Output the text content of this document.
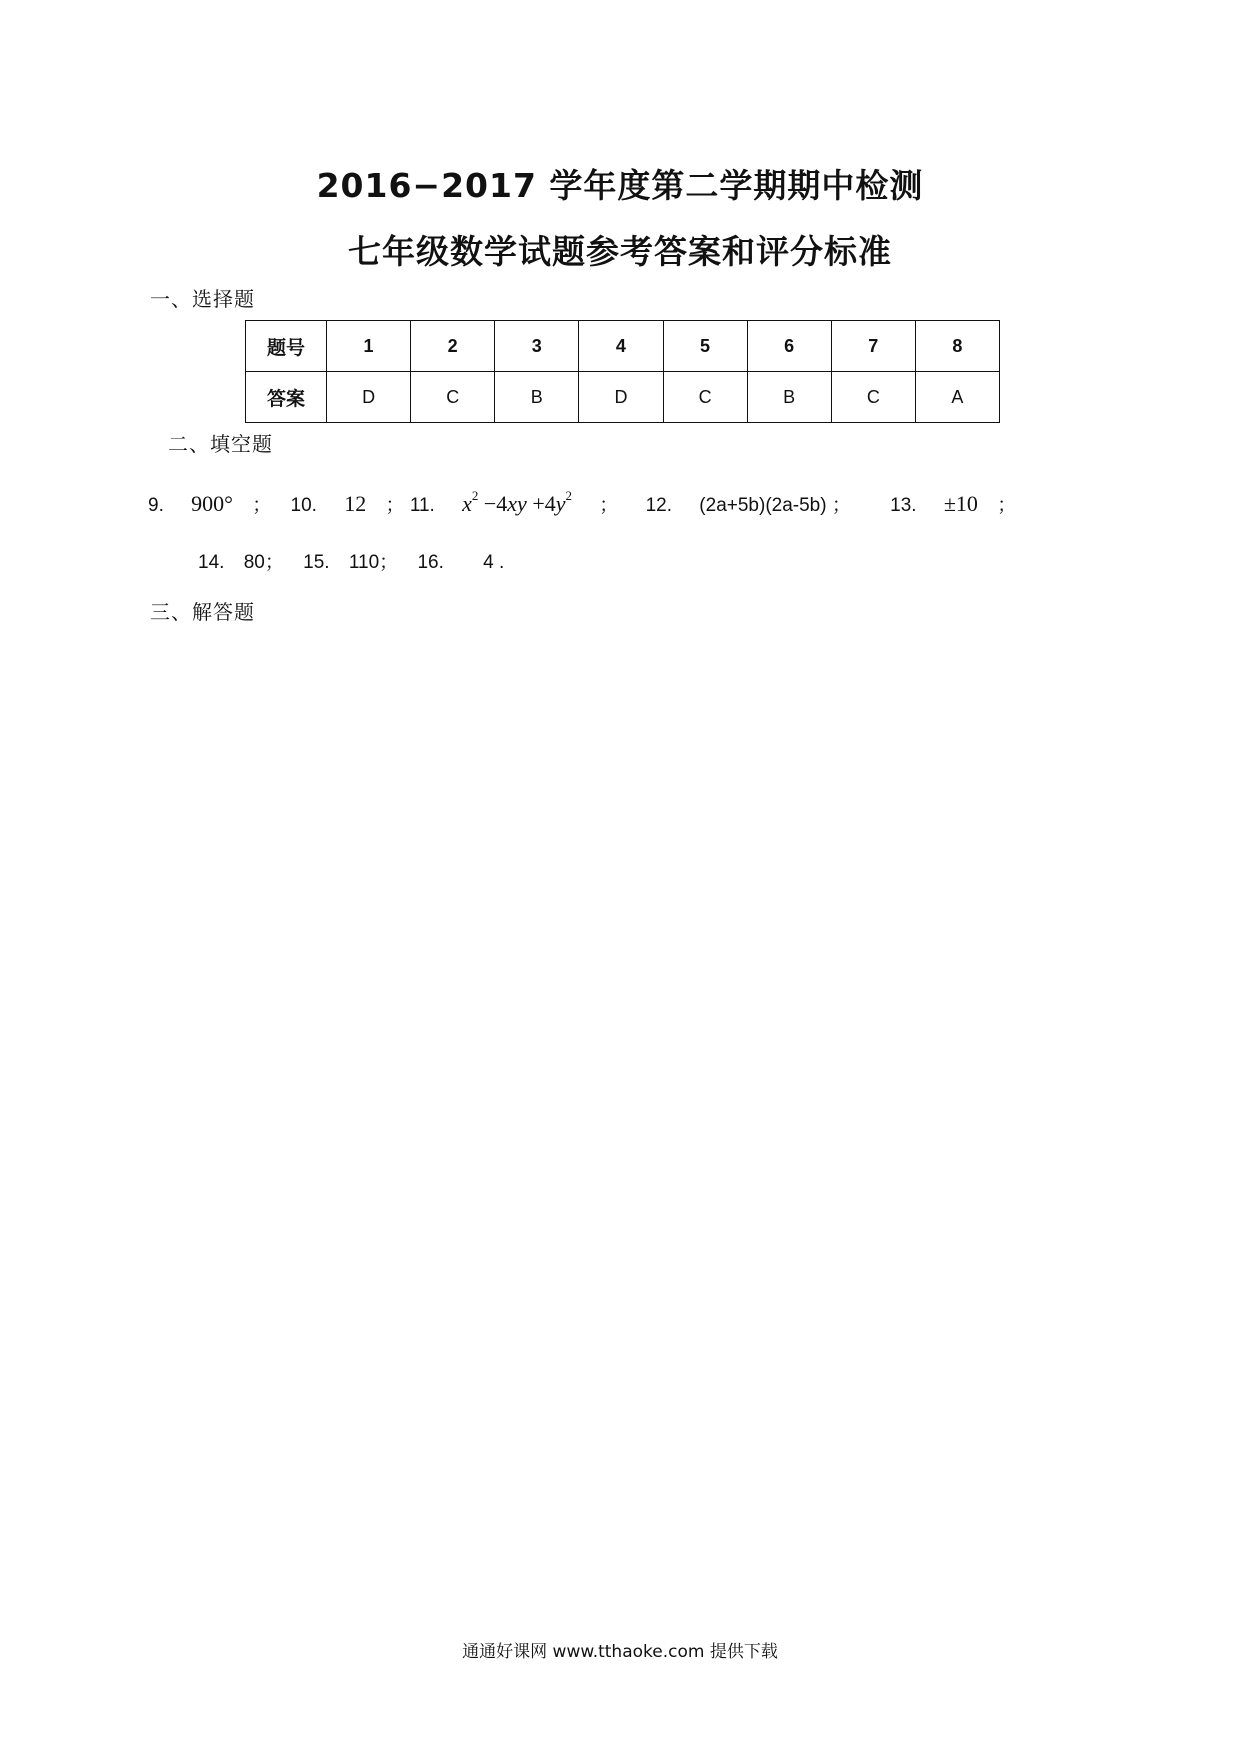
2016−2017 学年度第二学期期中检测
七年级数学试题参考答案和评分标准
一、选择题
题号	1	2	3	4	5	6	7	8
答案	D	C	B	D	C	B	C	A
二、填空题
9. 900° ； 10. 12 ； 11. $x^2 -4xy +4y^2$ ； 12. (2a+5b)(2a-5b) ； 13. ±10 ；
14. 80； 15. 110； 16. 4 .
三、解答题
通通好课网 www.tthaoke.com 提供下载
